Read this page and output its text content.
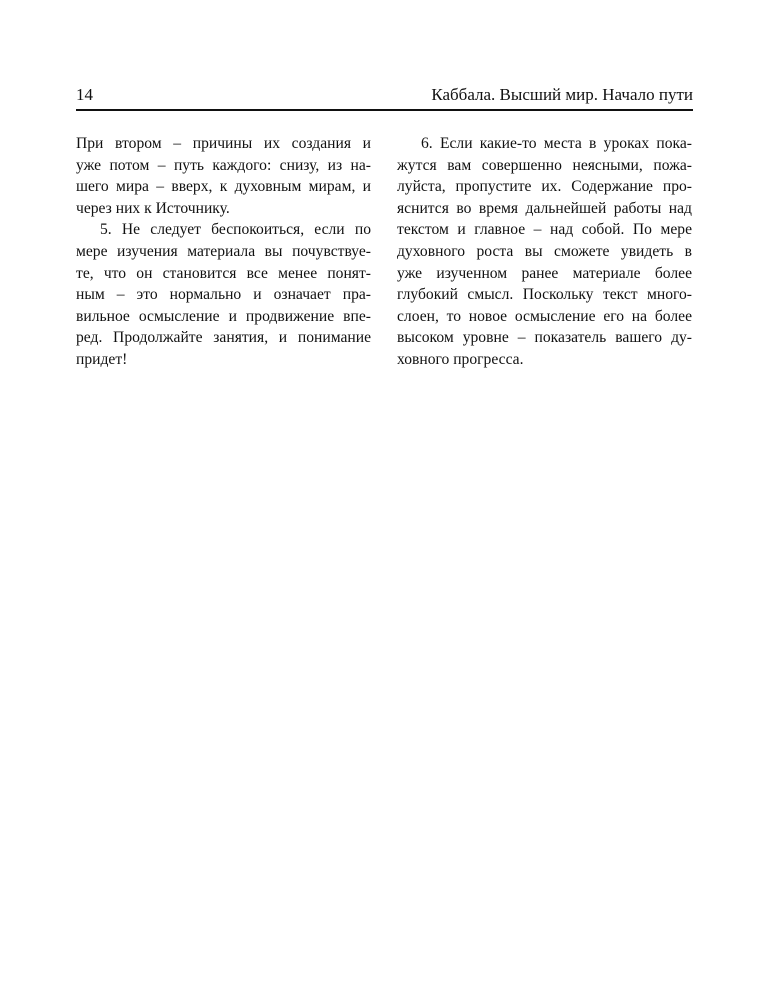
14	Каббала. Высший мир. Начало пути
При втором – причины их создания и
уже потом – путь каждого: снизу, из на-
шего мира – вверх, к духовным мирам, и
через них к Источнику.
5. Не следует беспокоиться, если по
мере изучения материала вы почувствуе-
те, что он становится все менее понят-
ным – это нормально и означает пра-
вильное осмысление и продвижение впе-
ред. Продолжайте занятия, и понимание
придет!
6. Если какие-то места в уроках пока-
жутся вам совершенно неясными, пожа-
луйста, пропустите их. Содержание про-
яснится во время дальнейшей работы над
текстом и главное – над собой. По мере
духовного роста вы сможете увидеть в
уже изученном ранее материале более
глубокий смысл. Поскольку текст много-
слоен, то новое осмысление его на более
высоком уровне – показатель вашего ду-
ховного прогресса.
